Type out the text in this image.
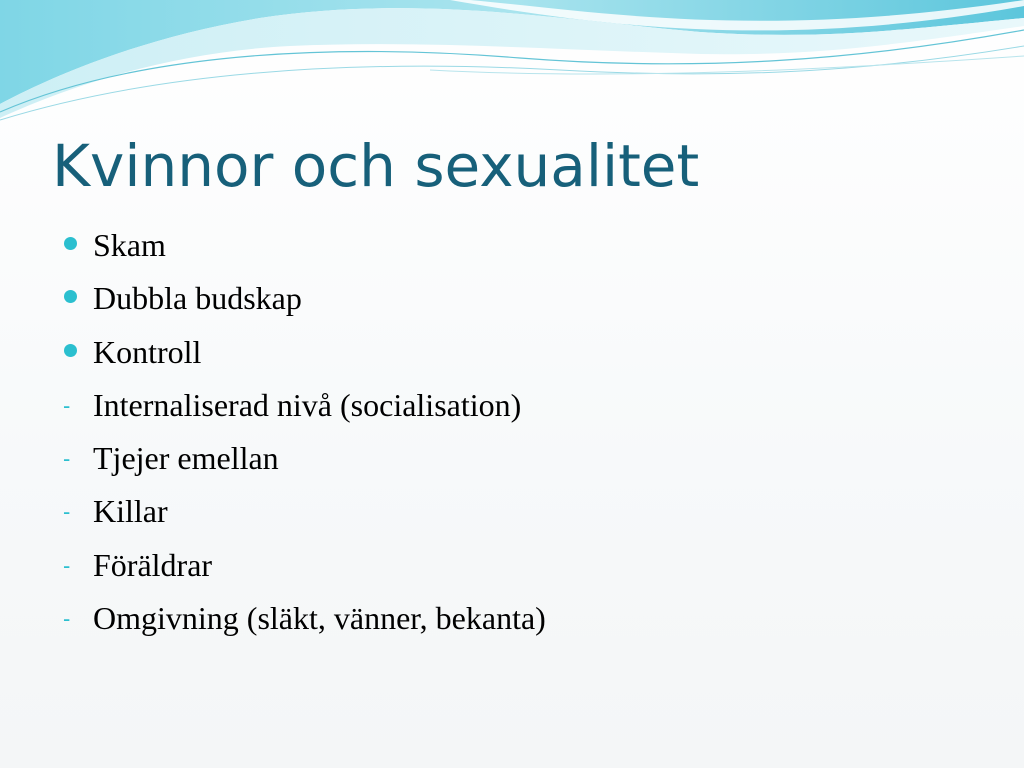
Kvinnor och sexualitet
Skam
Dubbla budskap
Kontroll
- Internaliserad nivå (socialisation)
- Tjejer emellan
- Killar
- Föräldrar
- Omgivning (släkt, vänner, bekanta)
